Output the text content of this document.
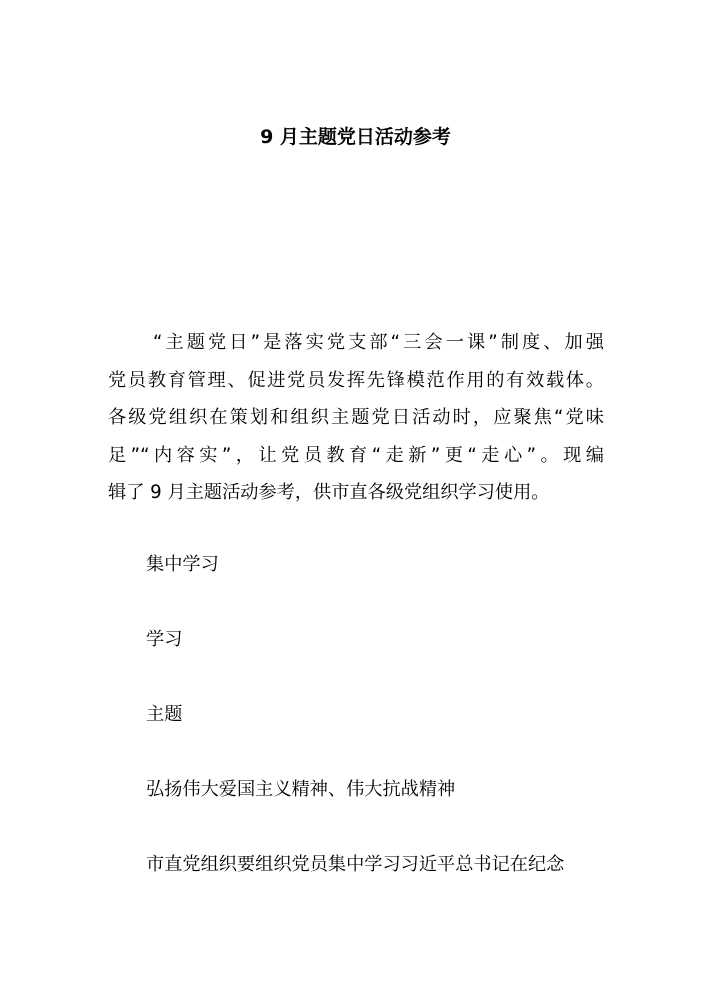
9 月主题党日活动参考

“主题党日”是落实党支部“三会一课”制度、加强
党员教育管理、促进党员发挥先锋模范作用的有效载体。
各级党组织在策划和组织主题党日活动时，应聚焦“党味
足”“内容实”，让党员教育“走新”更“走心”。现编
辑了 9 月主题活动参考，供市直各级党组织学习使用。

集中学习
学习
主题
弘扬伟大爱国主义精神、伟大抗战精神
市直党组织要组织党员集中学习习近平总书记在纪念
